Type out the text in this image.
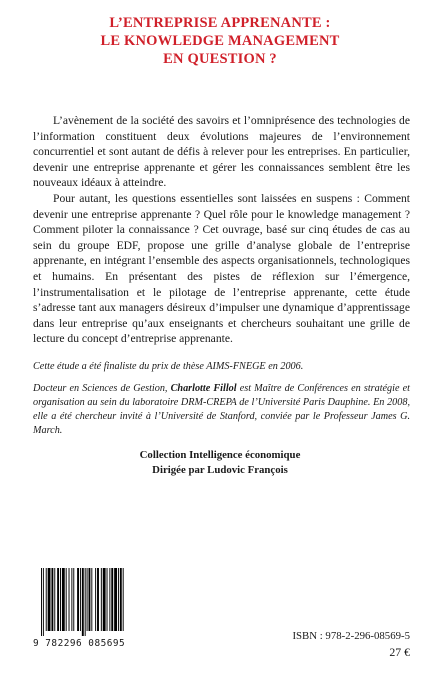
L’ENTREPRISE APPRENANTE :
LE KNOWLEDGE MANAGEMENT
EN QUESTION ?

L’avènement de la société des savoirs et l’omniprésence des technologies de l’information constituent deux évolutions majeures de l’environnement concurrentiel et sont autant de défis à relever pour les entreprises. En particulier, devenir une entreprise apprenante et gérer les connaissances semblent être les nouveaux idéaux à atteindre.

Pour autant, les questions essentielles sont laissées en suspens : Comment devenir une entreprise apprenante ? Quel rôle pour le knowledge management ? Comment piloter la connaissance ? Cet ouvrage, basé sur cinq études de cas au sein du groupe EDF, propose une grille d’analyse globale de l’entreprise apprenante, en intégrant l’ensemble des aspects organisationnels, technologiques et humains. En présentant des pistes de réflexion sur l’émergence, l’instrumentalisation et le pilotage de l’entreprise apprenante, cette étude s’adresse tant aux managers désireux d’impulser une dynamique d’apprentissage dans leur entreprise qu’aux enseignants et chercheurs souhaitant une grille de lecture du concept d’entreprise apprenante.

Cette étude a été finaliste du prix de thèse AIMS-FNEGE en 2006.
Docteur en Sciences de Gestion, Charlotte Fillol est Maître de Conférences en stratégie et organisation au sein du laboratoire DRM-CREPA de l’Université Paris Dauphine. En 2008, elle a été chercheur invité à l’Université de Stanford, conviée par le Professeur James G. March.
Collection Intelligence économique
Dirigée par Ludovic François
9 782296 085695
ISBN : 978-2-296-08569-5
27 €
